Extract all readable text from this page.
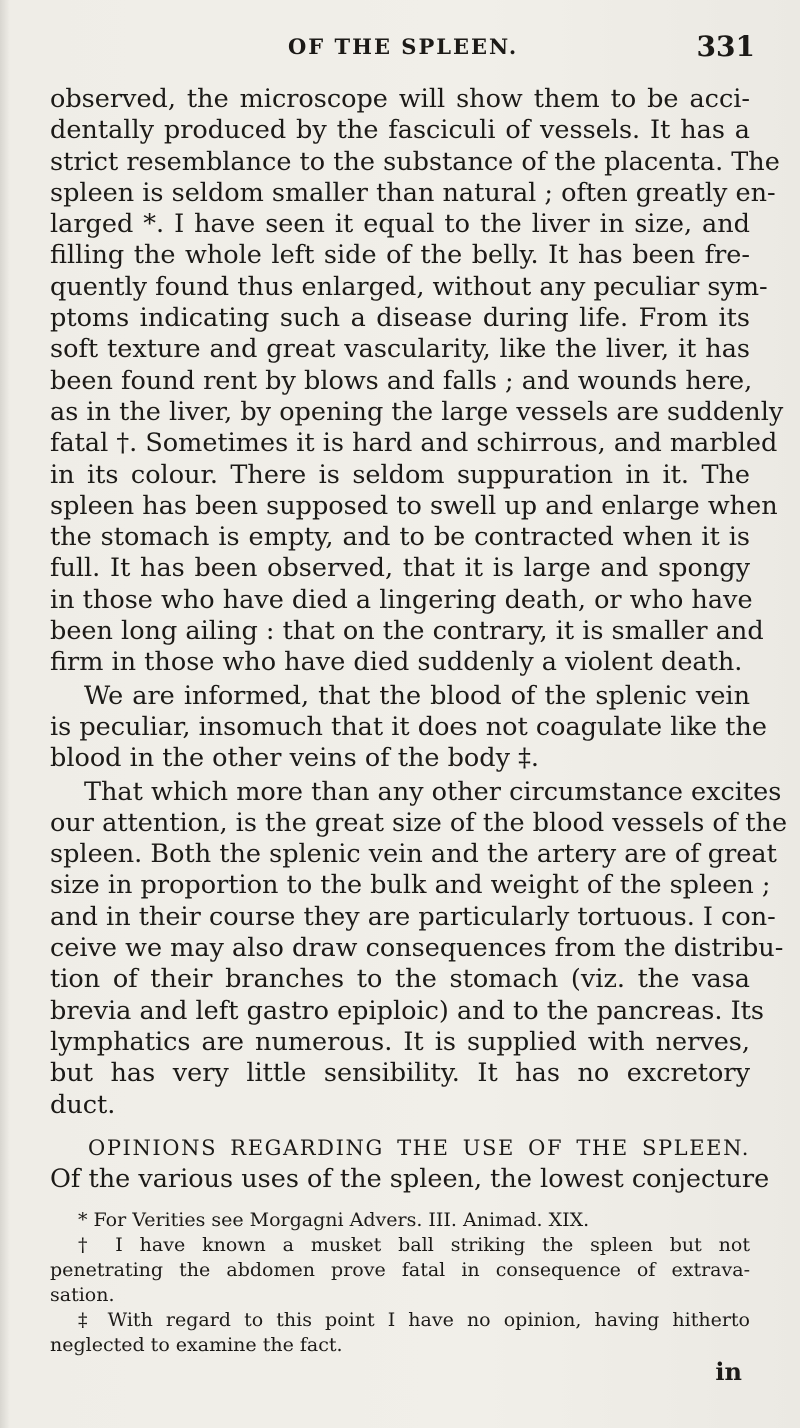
OF THE SPLEEN.	331
observed, the microscope will show them to be acci-
dentally produced by the fasciculi of vessels. It has a
strict resemblance to the substance of the placenta. The
spleen is seldom smaller than natural ; often greatly en-
larged *. I have seen it equal to the liver in size, and
filling the whole left side of the belly. It has been fre-
quently found thus enlarged, without any peculiar sym-
ptoms indicating such a disease during life. From its
soft texture and great vascularity, like the liver, it has
been found rent by blows and falls ; and wounds here,
as in the liver, by opening the large vessels are suddenly
fatal †. Sometimes it is hard and schirrous, and marbled
in its colour. There is seldom suppuration in it. The
spleen has been supposed to swell up and enlarge when
the stomach is empty, and to be contracted when it is
full. It has been observed, that it is large and spongy
in those who have died a lingering death, or who have
been long ailing : that on the contrary, it is smaller and
firm in those who have died suddenly a violent death.
We are informed, that the blood of the splenic vein
is peculiar, insomuch that it does not coagulate like the
blood in the other veins of the body ‡.
That which more than any other circumstance excites
our attention, is the great size of the blood vessels of the
spleen. Both the splenic vein and the artery are of great
size in proportion to the bulk and weight of the spleen ;
and in their course they are particularly tortuous. I con-
ceive we may also draw consequences from the distribu-
tion of their branches to the stomach (viz. the vasa
brevia and left gastro epiploic) and to the pancreas. Its
lymphatics are numerous. It is supplied with nerves,
but has very little sensibility. It has no excretory
duct.
OPINIONS REGARDING THE USE OF THE SPLEEN.
Of the various uses of the spleen, the lowest conjecture
* For Verities see Morgagni Advers. III. Animad. XIX.
† I have known a musket ball striking the spleen but not
penetrating the abdomen prove fatal in consequence of extrava-
sation.
‡ With regard to this point I have no opinion, having hitherto
neglected to examine the fact.
in
